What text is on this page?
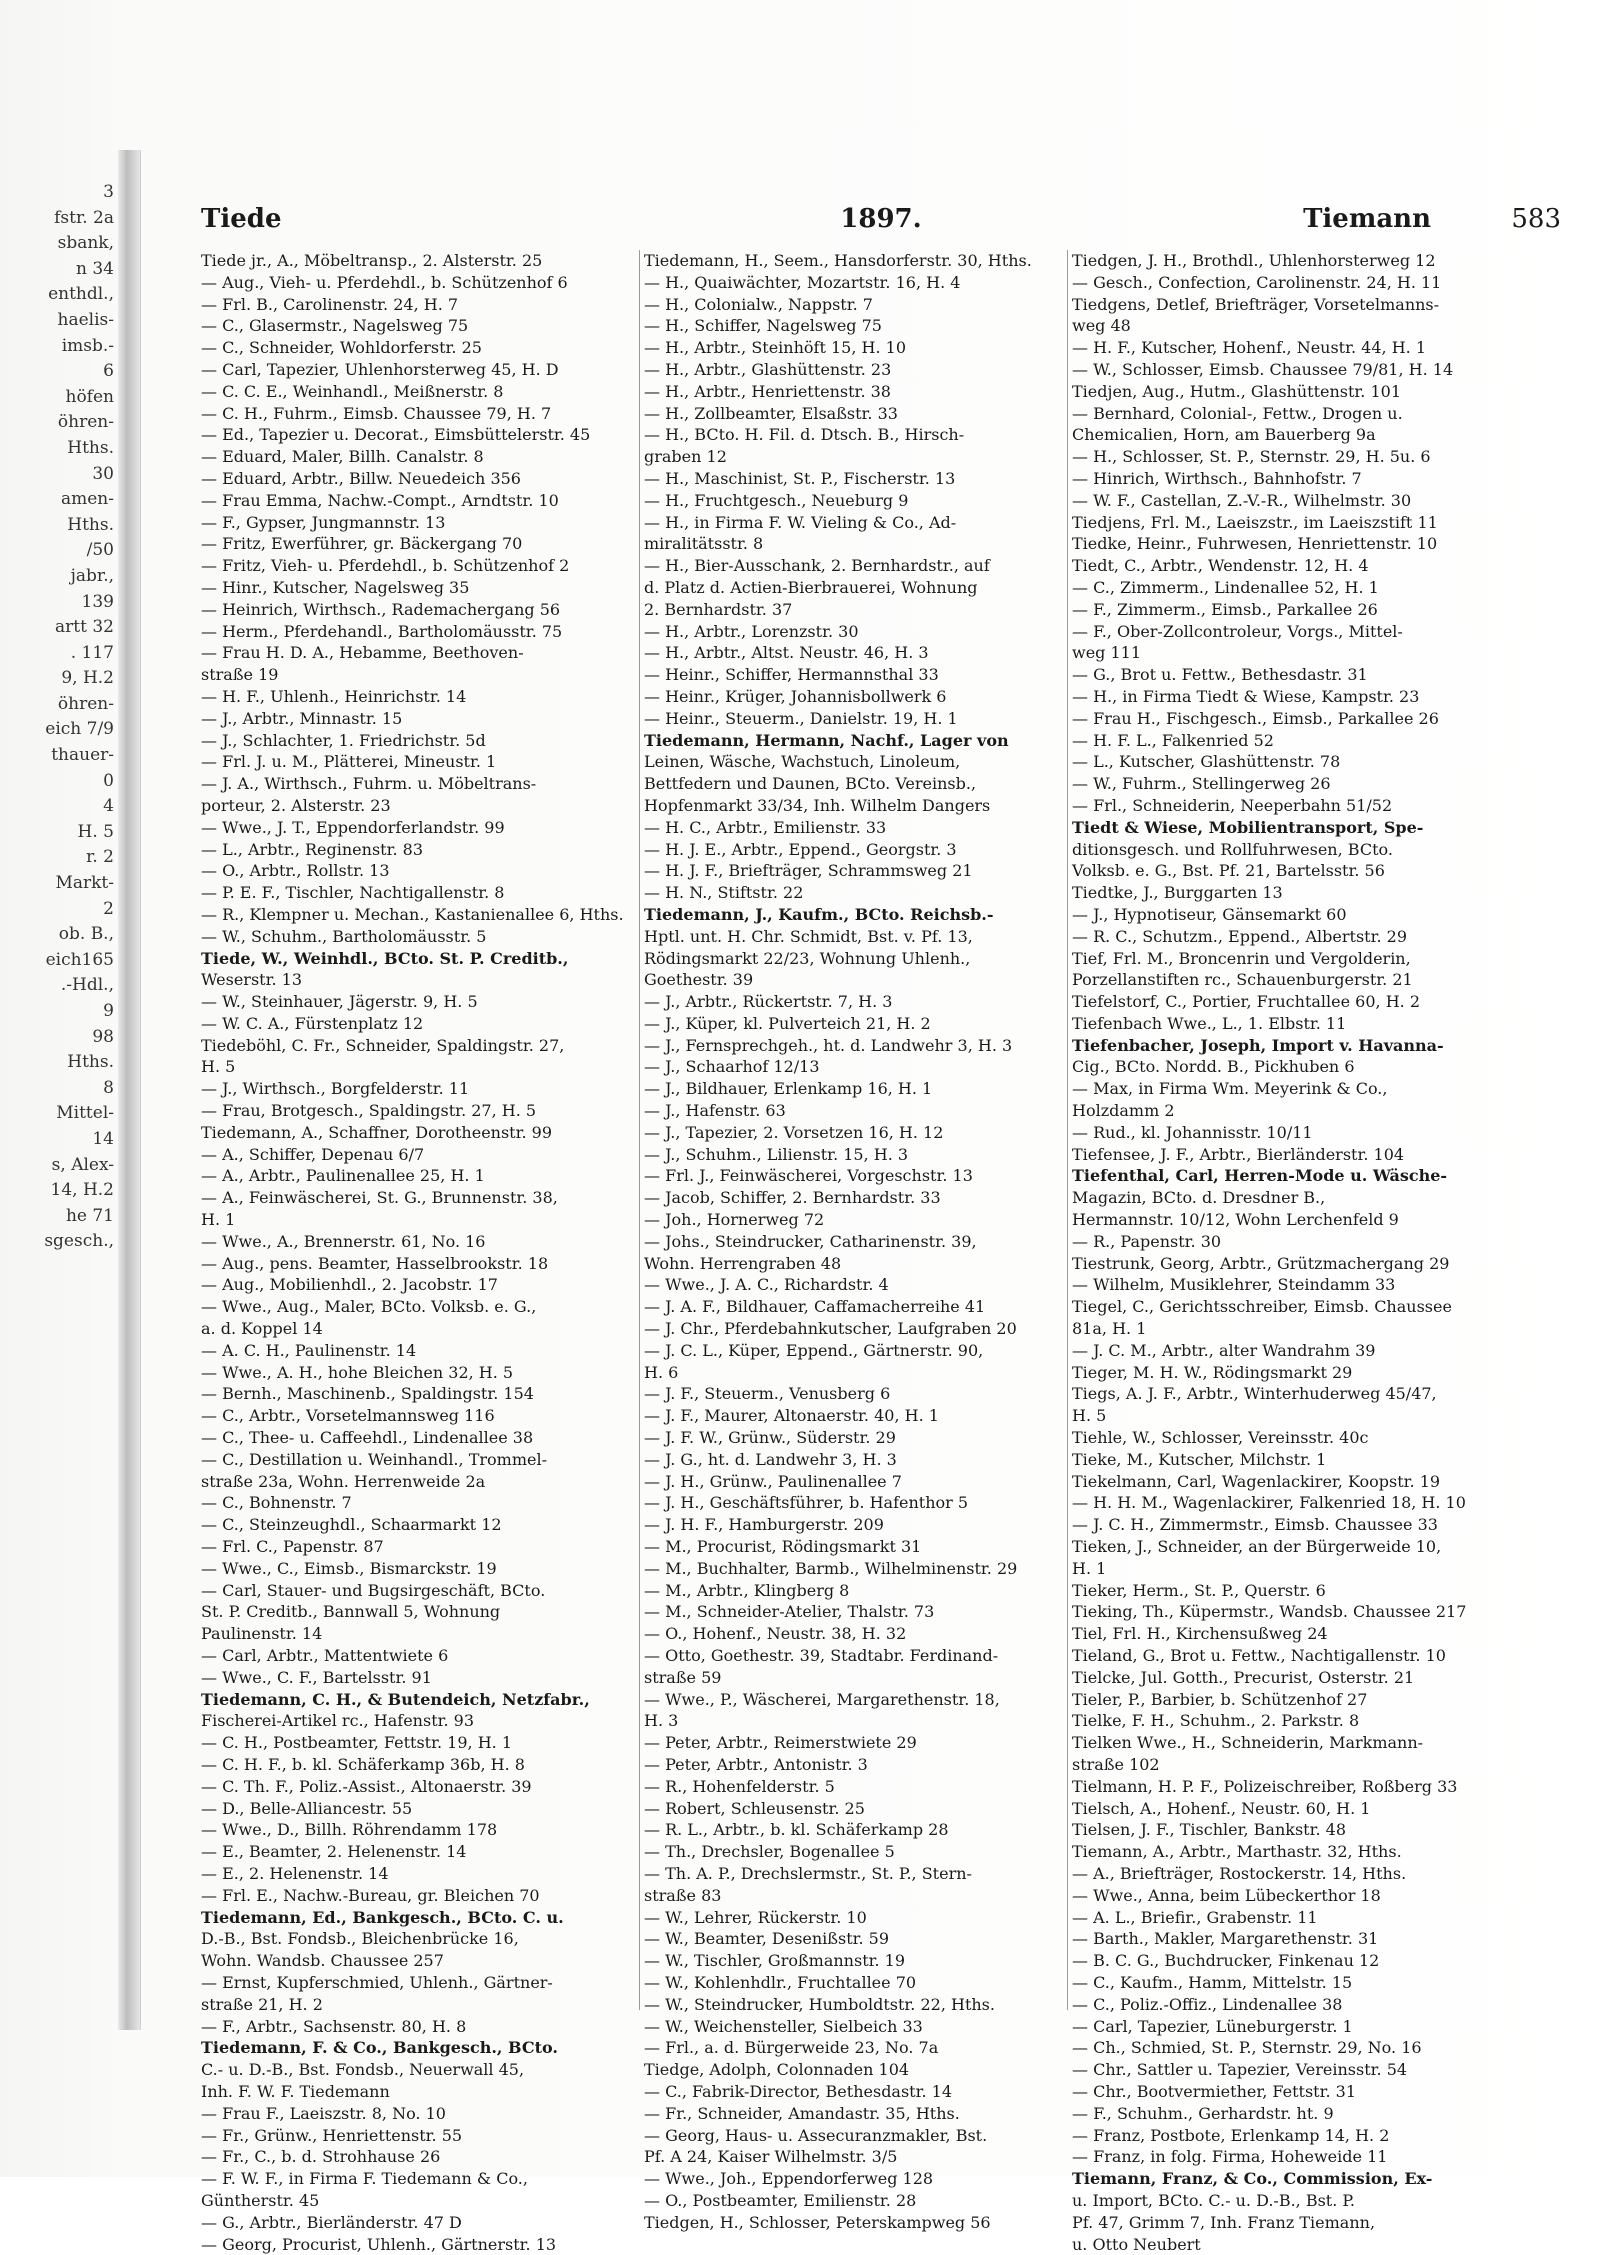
3
fstr. 2a
sbank,
n 34
enthdl.,
haelis-
imsb.-
6
höfen
öhren-
Hths.
30
amen-
Hths.
/50
jabr.,
139
artt 32
. 117
9, H.2
öhren-
eich 7/9
thauer-
0
4
H. 5
r. 2
Markt-
2
ob. B.,
eich165
.-Hdl.,
9
98
Hths.
8
Mittel-
14
s, Alex-
14, H.2
he 71
sgesch.,
Tiede	1897.	Tiemann	583
Tiede jr., A., Möbeltransp., 2. Alsterstr. 25
— Aug., Vieh- u. Pferdehdl., b. Schützenhof 6
— Frl. B., Carolinenstr. 24, H. 7
— C., Glasermstr., Nagelsweg 75
— C., Schneider, Wohldorferstr. 25
— Carl, Tapezier, Uhlenhorsterweg 45, H. D
— C. C. E., Weinhandl., Meißnerstr. 8
— C. H., Fuhrm., Eimsb. Chaussee 79, H. 7
— Ed., Tapezier u. Decorat., Eimsbüttelerstr. 45
— Eduard, Maler, Billh. Canalstr. 8
— Eduard, Arbtr., Billw. Neuedeich 356
— Frau Emma, Nachw.-Compt., Arndtstr. 10
— F., Gypser, Jungmannstr. 13
— Fritz, Ewerführer, gr. Bäckergang 70
— Fritz, Vieh- u. Pferdehdl., b. Schützenhof 2
— Hinr., Kutscher, Nagelsweg 35
— Heinrich, Wirthsch., Rademachergang 56
— Herm., Pferdehandl., Bartholomäusstr. 75
— Frau H. D. A., Hebamme, Beethoven-
straße 19
— H. F., Uhlenh., Heinrichstr. 14
— J., Arbtr., Minnastr. 15
— J., Schlachter, 1. Friedrichstr. 5d
— Frl. J. u. M., Plätterei, Mineustr. 1
— J. A., Wirthsch., Fuhrm. u. Möbeltrans-
porteur, 2. Alsterstr. 23
— Wwe., J. T., Eppendorferlandstr. 99
— L., Arbtr., Reginenstr. 83
— O., Arbtr., Rollstr. 13
— P. E. F., Tischler, Nachtigallenstr. 8
— R., Klempner u. Mechan., Kastanienallee 6, Hths.
— W., Schuhm., Bartholomäusstr. 5
Tiede, W., Weinhdl., BCto. St. P. Creditb.,
Weserstr. 13
— W., Steinhauer, Jägerstr. 9, H. 5
— W. C. A., Fürstenplatz 12
Tiedeböhl, C. Fr., Schneider, Spaldingstr. 27,
H. 5
— J., Wirthsch., Borgfelderstr. 11
— Frau, Brotgesch., Spaldingstr. 27, H. 5
Tiedemann, A., Schaffner, Dorotheenstr. 99
— A., Schiffer, Depenau 6/7
— A., Arbtr., Paulinenallee 25, H. 1
— A., Feinwäscherei, St. G., Brunnenstr. 38,
H. 1
— Wwe., A., Brennerstr. 61, No. 16
— Aug., pens. Beamter, Hasselbrookstr. 18
— Aug., Mobilienhdl., 2. Jacobstr. 17
— Wwe., Aug., Maler, BCto. Volksb. e. G.,
a. d. Koppel 14
— A. C. H., Paulinenstr. 14
— Wwe., A. H., hohe Bleichen 32, H. 5
— Bernh., Maschinenb., Spaldingstr. 154
— C., Arbtr., Vorsetelmannsweg 116
— C., Thee- u. Caffeehdl., Lindenallee 38
— C., Destillation u. Weinhandl., Trommel-
straße 23a, Wohn. Herrenweide 2a
— C., Bohnenstr. 7
— C., Steinzeughdl., Schaarmarkt 12
— Frl. C., Papenstr. 87
— Wwe., C., Eimsb., Bismarckstr. 19
— Carl, Stauer- und Bugsirgeschäft, BCto.
St. P. Creditb., Bannwall 5, Wohnung
Paulinenstr. 14
— Carl, Arbtr., Mattentwiete 6
— Wwe., C. F., Bartelsstr. 91
Tiedemann, C. H., & Butendeich, Netzfabr.,
Fischerei-Artikel rc., Hafenstr. 93
— C. H., Postbeamter, Fettstr. 19, H. 1
— C. H. F., b. kl. Schäferkamp 36b, H. 8
— C. Th. F., Poliz.-Assist., Altonaerstr. 39
— D., Belle-Alliancestr. 55
— Wwe., D., Billh. Röhrendamm 178
— E., Beamter, 2. Helenenstr. 14
— E., 2. Helenenstr. 14
— Frl. E., Nachw.-Bureau, gr. Bleichen 70
Tiedemann, Ed., Bankgesch., BCto. C. u.
D.-B., Bst. Fondsb., Bleichenbrücke 16,
Wohn. Wandsb. Chaussee 257
— Ernst, Kupferschmied, Uhlenh., Gärtner-
straße 21, H. 2
— F., Arbtr., Sachsenstr. 80, H. 8
Tiedemann, F. & Co., Bankgesch., BCto.
C.- u. D.-B., Bst. Fondsb., Neuerwall 45,
Inh. F. W. F. Tiedemann
— Frau F., Laeiszstr. 8, No. 10
— Fr., Grünw., Henriettenstr. 55
— Fr., C., b. d. Strohhause 26
— F. W. F., in Firma F. Tiedemann & Co.,
Güntherstr. 45
— G., Arbtr., Bierländerstr. 47 D
— Georg, Procurist, Uhlenh., Gärtnerstr. 13
Tiedemann, H., Seem., Hansdorferstr. 30, Hths.
— H., Quaiwächter, Mozartstr. 16, H. 4
— H., Colonialw., Nappstr. 7
— H., Schiffer, Nagelsweg 75
— H., Arbtr., Steinhöft 15, H. 10
— H., Arbtr., Glashüttenstr. 23
— H., Arbtr., Henriettenstr. 38
— H., Zollbeamter, Elsaßstr. 33
— H., BCto. H. Fil. d. Dtsch. B., Hirsch-
graben 12
— H., Maschinist, St. P., Fischerstr. 13
— H., Fruchtgesch., Neueburg 9
— H., in Firma F. W. Vieling & Co., Ad-
miralitätsstr. 8
— H., Bier-Ausschank, 2. Bernhardstr., auf
d. Platz d. Actien-Bierbrauerei, Wohnung
2. Bernhardstr. 37
— H., Arbtr., Lorenzstr. 30
— H., Arbtr., Altst. Neustr. 46, H. 3
— Heinr., Schiffer, Hermannsthal 33
— Heinr., Krüger, Johannisbollwerk 6
— Heinr., Steuerm., Danielstr. 19, H. 1
Tiedemann, Hermann, Nachf., Lager von
Leinen, Wäsche, Wachstuch, Linoleum,
Bettfedern und Daunen, BCto. Vereinsb.,
Hopfenmarkt 33/34, Inh. Wilhelm Dangers
— H. C., Arbtr., Emilienstr. 33
— H. J. E., Arbtr., Eppend., Georgstr. 3
— H. J. F., Briefträger, Schrammsweg 21
— H. N., Stiftstr. 22
Tiedemann, J., Kaufm., BCto. Reichsb.-
Hptl. unt. H. Chr. Schmidt, Bst. v. Pf. 13,
Rödingsmarkt 22/23, Wohnung Uhlenh.,
Goethestr. 39
— J., Arbtr., Rückertstr. 7, H. 3
— J., Küper, kl. Pulverteich 21, H. 2
— J., Fernsprechgeh., ht. d. Landwehr 3, H. 3
— J., Schaarhof 12/13
— J., Bildhauer, Erlenkamp 16, H. 1
— J., Hafenstr. 63
— J., Tapezier, 2. Vorsetzen 16, H. 12
— J., Schuhm., Lilienstr. 15, H. 3
— Frl. J., Feinwäscherei, Vorgeschstr. 13
— Jacob, Schiffer, 2. Bernhardstr. 33
— Joh., Hornerweg 72
— Johs., Steindrucker, Catharinenstr. 39,
Wohn. Herrengraben 48
— Wwe., J. A. C., Richardstr. 4
— J. A. F., Bildhauer, Caffamacherreihe 41
— J. Chr., Pferdebahnkutscher, Laufgraben 20
— J. C. L., Küper, Eppend., Gärtnerstr. 90,
H. 6
— J. F., Steuerm., Venusberg 6
— J. F., Maurer, Altonaerstr. 40, H. 1
— J. F. W., Grünw., Süderstr. 29
— J. G., ht. d. Landwehr 3, H. 3
— J. H., Grünw., Paulinenallee 7
— J. H., Geschäftsführer, b. Hafenthor 5
— J. H. F., Hamburgerstr. 209
— M., Procurist, Rödingsmarkt 31
— M., Buchhalter, Barmb., Wilhelminenstr. 29
— M., Arbtr., Klingberg 8
— M., Schneider-Atelier, Thalstr. 73
— O., Hohenf., Neustr. 38, H. 32
— Otto, Goethestr. 39, Stadtabr. Ferdinand-
straße 59
— Wwe., P., Wäscherei, Margarethenstr. 18,
H. 3
— Peter, Arbtr., Reimerstwiete 29
— Peter, Arbtr., Antonistr. 3
— R., Hohenfelderstr. 5
— Robert, Schleusenstr. 25
— R. L., Arbtr., b. kl. Schäferkamp 28
— Th., Drechsler, Bogenallee 5
— Th. A. P., Drechslermstr., St. P., Stern-
straße 83
— W., Lehrer, Rückerstr. 10
— W., Beamter, Desenißstr. 59
— W., Tischler, Großmannstr. 19
— W., Kohlenhdlr., Fruchtallee 70
— W., Steindrucker, Humboldtstr. 22, Hths.
— W., Weichensteller, Sielbeich 33
— Frl., a. d. Bürgerweide 23, No. 7a
Tiedge, Adolph, Colonnaden 104
— C., Fabrik-Director, Bethesdastr. 14
— Fr., Schneider, Amandastr. 35, Hths.
— Georg, Haus- u. Assecuranzmakler, Bst.
Pf. A 24, Kaiser Wilhelmstr. 3/5
— Wwe., Joh., Eppendorferweg 128
— O., Postbeamter, Emilienstr. 28
Tiedgen, H., Schlosser, Peterskampweg 56
Tiedgen, J. H., Brothdl., Uhlenhorsterweg 12
— Gesch., Confection, Carolinenstr. 24, H. 11
Tiedgens, Detlef, Briefträger, Vorsetelmanns-
weg 48
— H. F., Kutscher, Hohenf., Neustr. 44, H. 1
— W., Schlosser, Eimsb. Chaussee 79/81, H. 14
Tiedjen, Aug., Hutm., Glashüttenstr. 101
— Bernhard, Colonial-, Fettw., Drogen u.
Chemicalien, Horn, am Bauerberg 9a
— H., Schlosser, St. P., Sternstr. 29, H. 5u. 6
— Hinrich, Wirthsch., Bahnhofstr. 7
— W. F., Castellan, Z.-V.-R., Wilhelmstr. 30
Tiedjens, Frl. M., Laeiszstr., im Laeiszstift 11
Tiedke, Heinr., Fuhrwesen, Henriettenstr. 10
Tiedt, C., Arbtr., Wendenstr. 12, H. 4
— C., Zimmerm., Lindenallee 52, H. 1
— F., Zimmerm., Eimsb., Parkallee 26
— F., Ober-Zollcontroleur, Vorgs., Mittel-
weg 111
— G., Brot u. Fettw., Bethesdastr. 31
— H., in Firma Tiedt & Wiese, Kampstr. 23
— Frau H., Fischgesch., Eimsb., Parkallee 26
— H. F. L., Falkenried 52
— L., Kutscher, Glashüttenstr. 78
— W., Fuhrm., Stellingerweg 26
— Frl., Schneiderin, Neeperbahn 51/52
Tiedt & Wiese, Mobilientransport, Spe-
ditionsgesch. und Rollfuhrwesen, BCto.
Volksb. e. G., Bst. Pf. 21, Bartelsstr. 56
Tiedtke, J., Burggarten 13
— J., Hypnotiseur, Gänsemarkt 60
— R. C., Schutzm., Eppend., Albertstr. 29
Tief, Frl. M., Broncenrin und Vergolderin,
Porzellanstiften rc., Schauenburgerstr. 21
Tiefelstorf, C., Portier, Fruchtallee 60, H. 2
Tiefenbach Wwe., L., 1. Elbstr. 11
Tiefenbacher, Joseph, Import v. Havanna-
Cig., BCto. Nordd. B., Pickhuben 6
— Max, in Firma Wm. Meyerink & Co.,
Holzdamm 2
— Rud., kl. Johannisstr. 10/11
Tiefensee, J. F., Arbtr., Bierländerstr. 104
Tiefenthal, Carl, Herren-Mode u. Wäsche-
Magazin, BCto. d. Dresdner B.,
Hermannstr. 10/12, Wohn Lerchenfeld 9
— R., Papenstr. 30
Tiestrunk, Georg, Arbtr., Grützmachergang 29
— Wilhelm, Musiklehrer, Steindamm 33
Tiegel, C., Gerichtsschreiber, Eimsb. Chaussee
81a, H. 1
— J. C. M., Arbtr., alter Wandrahm 39
Tieger, M. H. W., Rödingsmarkt 29
Tiegs, A. J. F., Arbtr., Winterhuderweg 45/47,
H. 5
Tiehle, W., Schlosser, Vereinsstr. 40c
Tieke, M., Kutscher, Milchstr. 1
Tiekelmann, Carl, Wagenlackirer, Koopstr. 19
— H. H. M., Wagenlackirer, Falkenried 18, H. 10
— J. C. H., Zimmermstr., Eimsb. Chaussee 33
Tieken, J., Schneider, an der Bürgerweide 10,
H. 1
Tieker, Herm., St. P., Querstr. 6
Tieking, Th., Küpermstr., Wandsb. Chaussee 217
Tiel, Frl. H., Kirchensußweg 24
Tieland, G., Brot u. Fettw., Nachtigallenstr. 10
Tielcke, Jul. Gotth., Precurist, Osterstr. 21
Tieler, P., Barbier, b. Schützenhof 27
Tielke, F. H., Schuhm., 2. Parkstr. 8
Tielken Wwe., H., Schneiderin, Markmann-
straße 102
Tielmann, H. P. F., Polizeischreiber, Roßberg 33
Tielsch, A., Hohenf., Neustr. 60, H. 1
Tielsen, J. F., Tischler, Bankstr. 48
Tiemann, A., Arbtr., Marthastr. 32, Hths.
— A., Briefträger, Rostockerstr. 14, Hths.
— Wwe., Anna, beim Lübeckerthor 18
— A. L., Briefir., Grabenstr. 11
— Barth., Makler, Margarethenstr. 31
— B. C. G., Buchdrucker, Finkenau 12
— C., Kaufm., Hamm, Mittelstr. 15
— C., Poliz.-Offiz., Lindenallee 38
— Carl, Tapezier, Lüneburgerstr. 1
— Ch., Schmied, St. P., Sternstr. 29, No. 16
— Chr., Sattler u. Tapezier, Vereinsstr. 54
— Chr., Bootvermiether, Fettstr. 31
— F., Schuhm., Gerhardstr. ht. 9
— Franz, Postbote, Erlenkamp 14, H. 2
— Franz, in folg. Firma, Hoheweide 11
Tiemann, Franz, & Co., Commission, Ex-
u. Import, BCto. C.- u. D.-B., Bst. P.
Pf. 47, Grimm 7, Inh. Franz Tiemann,
u. Otto Neubert
